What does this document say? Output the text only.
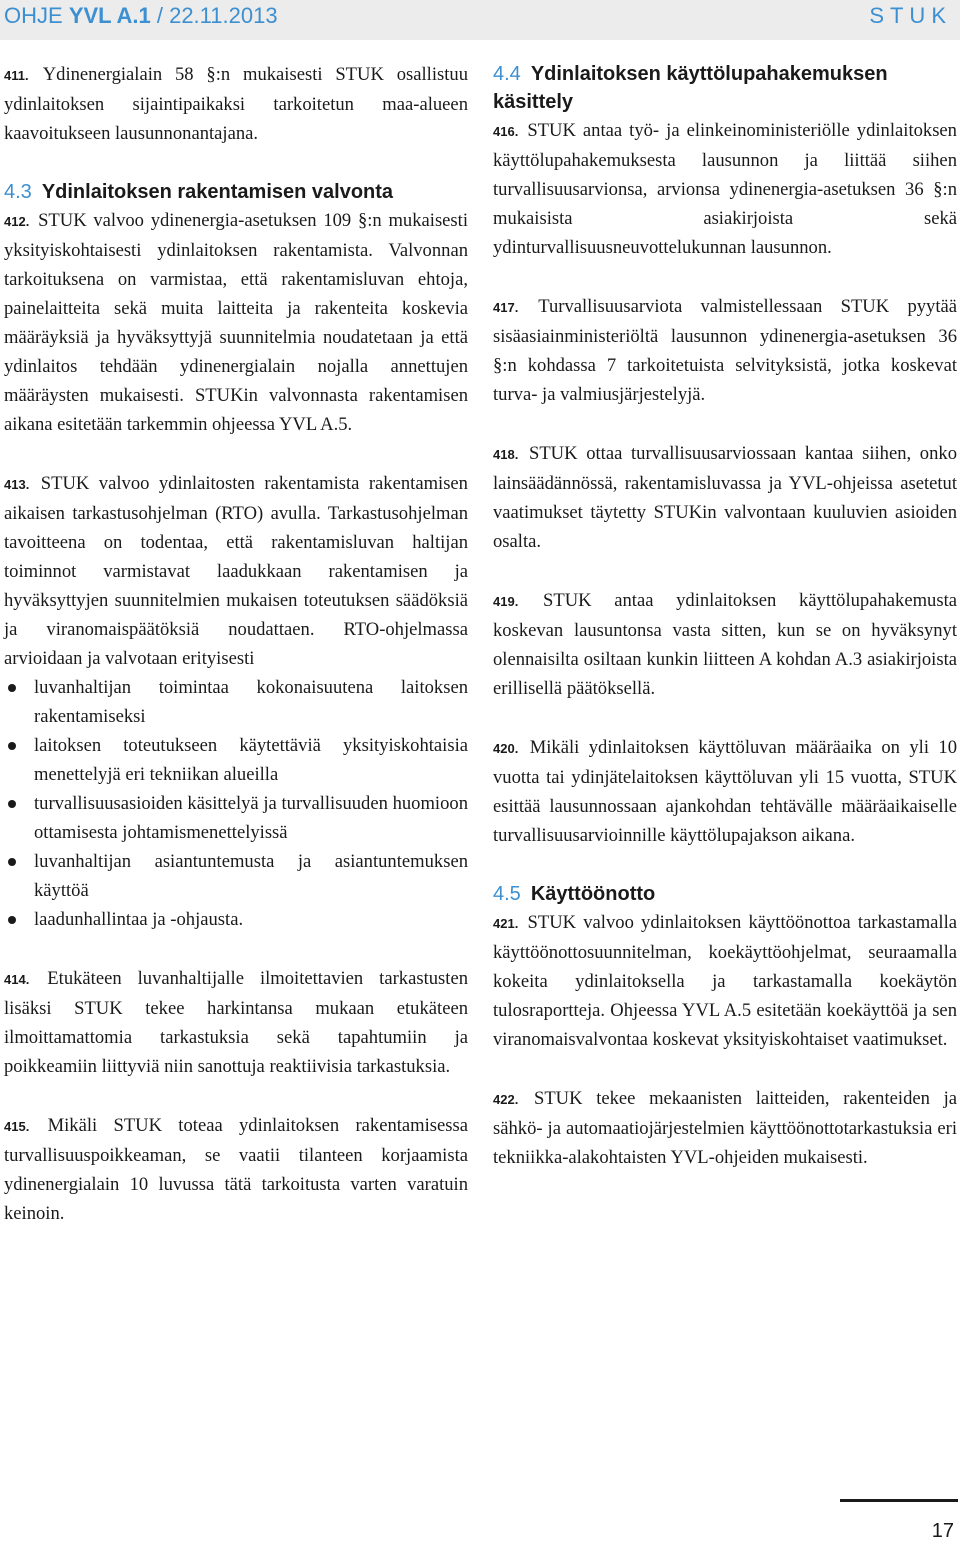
OHJE YVL A.1 / 22.11.2013	STUK

411. Ydinenergialain 58 §:n mukaisesti STUK osallistuu ydinlaitoksen sijaintipaikaksi tarkoitetun maa-alueen kaavoitukseen lausunnonantajana.

4.3 Ydinlaitoksen rakentamisen valvonta

412. STUK valvoo ydinenergia-asetuksen 109 §:n mukaisesti yksityiskohtaisesti ydinlaitoksen rakentamista. Valvonnan tarkoituksena on varmistaa, että rakentamisluvan ehtoja, painelaitteita sekä muita laitteita ja rakenteita koskevia määräyksiä ja hyväksyttyjä suunnitelmia noudatetaan ja että ydinlaitos tehdään ydinenergialain nojalla annettujen määräysten mukaisesti. STUKin valvonnasta rakentamisen aikana esitetään tarkemmin ohjeessa YVL A.5.

413. STUK valvoo ydinlaitosten rakentamista rakentamisen aikaisen tarkastusohjelman (RTO) avulla. Tarkastusohjelman tavoitteena on todentaa, että rakentamisluvan haltijan toiminnot varmistavat laadukkaan rakentamisen ja hyväksyttyjen suunnitelmien mukaisen toteutuksen säädöksiä ja viranomaispäätöksiä noudattaen. RTO-ohjelmassa arvioidaan ja valvotaan erityisesti

luvanhaltijan toimintaa kokonaisuutena laitoksen rakentamiseksi
laitoksen toteutukseen käytettäviä yksityiskohtaisia menettelyjä eri tekniikan alueilla
turvallisuusasioiden käsittelyä ja turvallisuuden huomioon ottamisesta johtamismenettelyissä
luvanhaltijan asiantuntemusta ja asiantuntemuksen käyttöä
laadunhallintaa ja -ohjausta.

414. Etukäteen luvanhaltijalle ilmoitettavien tarkastusten lisäksi STUK tekee harkintansa mukaan etukäteen ilmoittamattomia tarkastuksia sekä tapahtumiin ja poikkeamiin liittyviä niin sanottuja reaktiivisia tarkastuksia.

415. Mikäli STUK toteaa ydinlaitoksen rakentamisessa turvallisuuspoikkeaman, se vaatii tilanteen korjaamista ydinenergialain 10 luvussa tätä tarkoitusta varten varatuin keinoin.

4.4 Ydinlaitoksen käyttölupahakemuksen käsittely

416. STUK antaa työ- ja elinkeinoministeriölle ydinlaitoksen käyttölupahakemuksesta lausunnon ja liittää siihen turvallisuusarvionsa, arvionsa ydinenergia-asetuksen 36 §:n mukaisista asiakirjoista sekä ydinturvallisuusneuvottelukunnan lausunnon.

417. Turvallisuusarviota valmistellessaan STUK pyytää sisäasiainministeriöltä lausunnon ydinenergia-asetuksen 36 §:n kohdassa 7 tarkoitetuista selvityksistä, jotka koskevat turva- ja valmiusjärjestelyjä.

418. STUK ottaa turvallisuusarviossaan kantaa siihen, onko lainsäädännössä, rakentamisluvassa ja YVL-ohjeissa asetetut vaatimukset täytetty STUKin valvontaan kuuluvien asioiden osalta.

419. STUK antaa ydinlaitoksen käyttölupahakemusta koskevan lausuntonsa vasta sitten, kun se on hyväksynyt olennaisilta osiltaan kunkin liitteen A kohdan A.3 asiakirjoista erillisellä päätöksellä.

420. Mikäli ydinlaitoksen käyttöluvan määräaika on yli 10 vuotta tai ydinjätelaitoksen käyttöluvan yli 15 vuotta, STUK esittää lausunnossaan ajankohdan tehtävälle määräaikaiselle turvallisuusarvioinnille käyttölupajakson aikana.

4.5 Käyttöönotto

421. STUK valvoo ydinlaitoksen käyttöönottoa tarkastamalla käyttöönottosuunnitelman, koekäyttöohjelmat, seuraamalla kokeita ydinlaitoksella ja tarkastamalla koekäytön tulosraportteja. Ohjeessa YVL A.5 esitetään koekäyttöä ja sen viranomaisvalvontaa koskevat yksityiskohtaiset vaatimukset.

422. STUK tekee mekaanisten laitteiden, rakenteiden ja sähkö- ja automaatiojärjestelmien käyttöönottotarkastuksia eri tekniikka-alakohtaisten YVL-ohjeiden mukaisesti.

17
